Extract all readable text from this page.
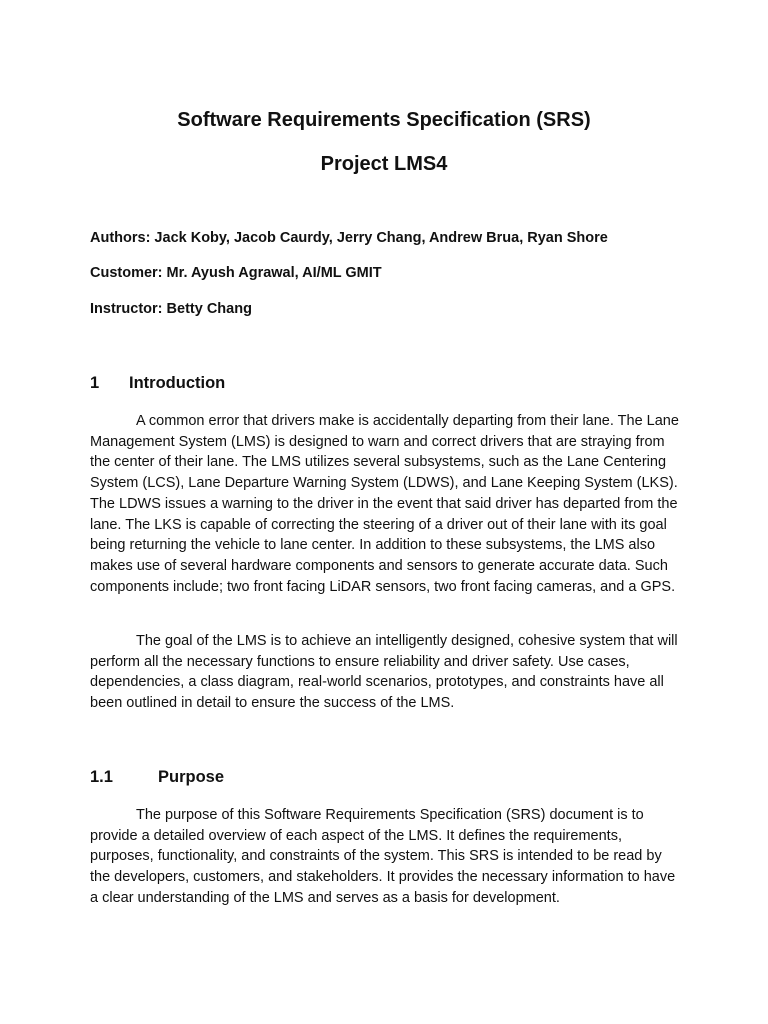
Software Requirements Specification (SRS)
Project LMS4

Authors: Jack Koby, Jacob Caurdy, Jerry Chang, Andrew Brua, Ryan Shore

Customer: Mr. Ayush Agrawal, AI/ML GMIT

Instructor: Betty Chang

1 Introduction

A common error that drivers make is accidentally departing from their lane. The Lane Management System (LMS) is designed to warn and correct drivers that are straying from the center of their lane. The LMS utilizes several subsystems, such as the Lane Centering System (LCS), Lane Departure Warning System (LDWS), and Lane Keeping System (LKS). The LDWS issues a warning to the driver in the event that said driver has departed from the lane. The LKS is capable of correcting the steering of a driver out of their lane with its goal being returning the vehicle to lane center. In addition to these subsystems, the LMS also makes use of several hardware components and sensors to generate accurate data. Such components include; two front facing LiDAR sensors, two front facing cameras, and a GPS.

The goal of the LMS is to achieve an intelligently designed, cohesive system that will perform all the necessary functions to ensure reliability and driver safety. Use cases, dependencies, a class diagram, real-world scenarios, prototypes, and constraints have all been outlined in detail to ensure the success of the LMS.

1.1	Purpose

The purpose of this Software Requirements Specification (SRS) document is to provide a detailed overview of each aspect of the LMS. It defines the requirements, purposes, functionality, and constraints of the system. This SRS is intended to be read by the developers, customers, and stakeholders. It provides the necessary information to have a clear understanding of the LMS and serves as a basis for development.
